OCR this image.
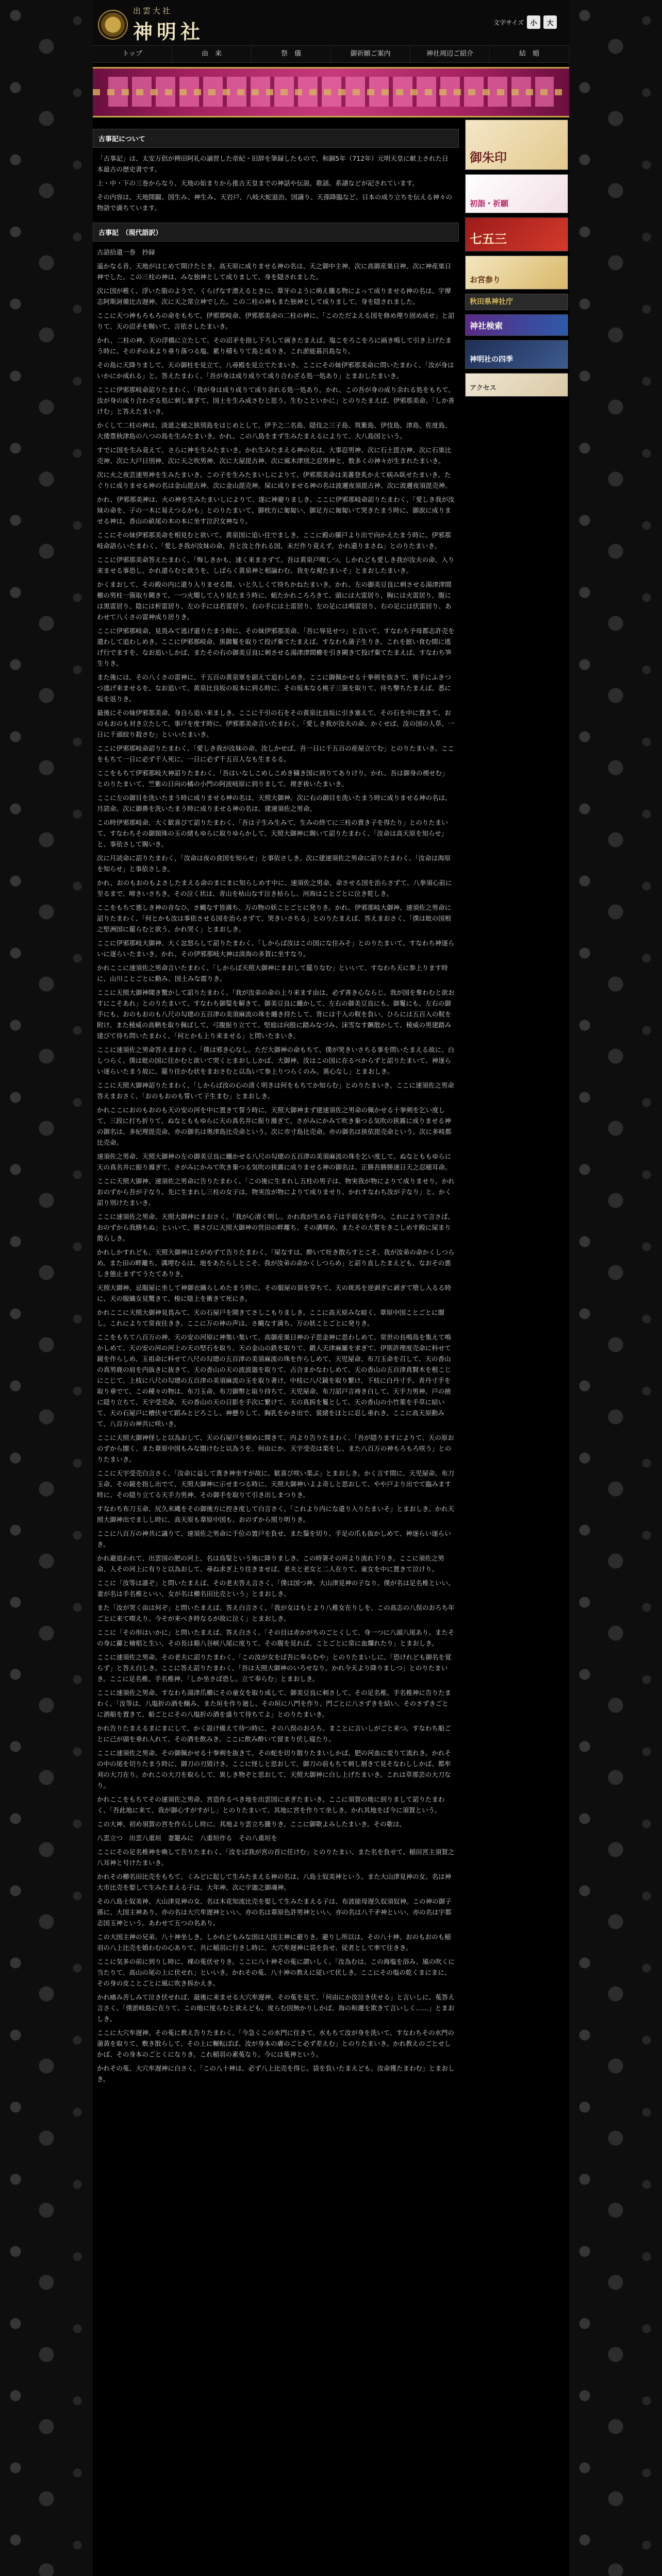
出雲大社
神明社	文字サイズ 小	大
トップ	由　来	祭　儀	御祈願ご案内	神社周辺ご紹介	結　婚
古事記について

「古事記」は、太安万侶が稗田阿礼の誦習した帝紀・旧辞を筆録したもので、和銅5年（712年）元明天皇に献上された日本最古の歴史書です。

上・中・下の三巻からなり、天地の始まりから推古天皇までの神話や伝説、歌謡、系譜などが記されています。

その内容は、天地開闢、国生み、神生み、天岩戸、八岐大蛇退治、国譲り、天孫降臨など、日本の成り立ちを伝える神々の物語で満ちています。

古事記　（現代語訳）

古語拾遺一巻　抄録

遥かなる昔、天地がはじめて開けたとき、高天原に成りませる神の名は、天之御中主神、次に高御産巣日神、次に神産巣日神でした。この三柱の神は、みな独神として成りまして、身を隠されました。

次に国が稚く、浮いた脂のようで、くらげなす漂えるときに、葦牙のように萌え騰る物によって成りませる神の名は、宇摩志阿斯訶備比古遅神、次に天之常立神でした。この二柱の神もまた独神として成りまして、身を隠されました。

ここに天つ神もろもろの命をもちて、伊邪那岐命、伊邪那美命の二柱の神に、「このただよえる国を修め理り固め成せ」と詔りて、天の沼矛を賜いて、言依さしたまいき。

かれ、二柱の神、天の浮橋に立たして、その沼矛を指し下ろして画きたまえば、塩こをろこをろに画き鳴して引き上げたまう時に、その矛の末より垂り落つる塩、累り積もりて島と成りき。これ淤能碁呂島なり。

その島に天降りまして、天の御柱を見立て、八尋殿を見立てたまいき。ここにその妹伊邪那美命に問いたまわく、「汝が身はいかにか成れる」と。答えたまわく、「吾が身は成り成りて成り合わざる処一処あり」とまおしたまいき。

ここに伊邪那岐命詔りたまわく、「我が身は成り成りて成り余れる処一処あり。かれ、この吾が身の成り余れる処をもちて、汝が身の成り合わざる処に刺し塞ぎて、国土を生み成さむと思う。生むこといかに」とのりたまえば、伊邪那美命、「しか善けむ」と答えたまいき。

かくして二柱の神は、淡道之穂之狭別島をはじめとして、伊予之二名島、隠伎之三子島、筑紫島、伊伎島、津島、佐度島、大倭豊秋津島の八つの島を生みたまいき。かれ、この八島をまず生みたまえるによりて、大八島国という。

すでに国を生み竟えて、さらに神を生みたまいき。かれ生みたまえる神の名は、大事忍男神、次に石土毘古神、次に石巣比売神、次に大戸日別神、次に天之吹男神、次に大屋毘古神、次に風木津別之忍男神と、数多くの神々が生まれたまいき。

次に火之夜芸速男神を生みたまいき。この子を生みたまいしによりて、伊邪那美命は美蕃登炙かえて病み臥せたまいき。たぐりに成りませる神の名は金山毘古神、次に金山毘売神。屎に成りませる神の名は波邇夜須毘古神、次に波邇夜須毘売神。

かれ、伊邪那美神は、火の神を生みたまいしによりて、遂に神避りましき。ここに伊邪那岐命詔りたまわく、「愛しき我が汝妹の命を、子の一木に易えつるかも」とのりたまいて、御枕方に匍匐い、御足方に匍匐いて哭きたまう時に、御涙に成りませる神は、香山の畝尾の木の本に坐す泣沢女神なり。

ここにその妹伊邪那美命を相見むと欲いて、黄泉国に追い往でましき。ここに殿の縢戸より出で向かえたまう時に、伊邪那岐命語らいたまわく、「愛しき我が汝妹の命、吾と汝と作れる国、未だ作り竟えず。かれ還りまさね」とのりたまいき。

ここに伊邪那美命答えたまわく、「悔しきかも、速く来まさずて。吾は黄泉戸喫しつ。しかれども愛しき我が汝夫の命、入り来ませる事恐し。かれ還らむと欲うを、しばらく黄泉神と相論わむ。我をな視たまいそ」とまおしたまいき。

かくまおして、その殿の内に還り入りませる間、いと久しくて待ちかねたまいき。かれ、左の御美豆良に刺させる湯津津間櫛の男柱一箇取り闕きて、一つ火燭して入り見たまう時に、蛆たかれころろきて、頭には大雷居り、胸には火雷居り、腹には黒雷居り、陰には析雷居り、左の手には若雷居り、右の手には土雷居り、左の足には鳴雷居り、右の足には伏雷居り、あわせて八くさの雷神成り居りき。

ここに伊邪那岐命、見畏みて逃げ還りたまう時に、その妹伊邪那美命、「吾に辱見せつ」と言いて、すなわち予母都志許売を遣わして追わしめき。ここに伊邪那岐命、黒御鬘を取りて投げ棄てたまえば、すなわち蒲子生りき。これを摭い食む間に逃げ行でますを、なお追いしかば、またその右の御美豆良に刺させる湯津津間櫛を引き闕きて投げ棄てたまえば、すなわち笋生りき。

また後には、その八くさの雷神に、千五百の黄泉軍を副えて追わしめき。ここに御佩かせる十拳剣を抜きて、後手にふきつつ逃げ来ませるを、なお追いて、黄泉比良坂の坂本に到る時に、その坂本なる桃子三箇を取りて、待ち撃ちたまえば、悉に坂を返りき。

最後にその妹伊邪那美命、身自ら追い来ましき。ここに千引の石をその黄泉比良坂に引き塞えて、その石を中に置きて、おのもおのも対き立たして、事戸を度す時に、伊邪那美命言いたまわく、「愛しき我が汝夫の命、かくせば、汝の国の人草、一日に千頭絞り殺さむ」といいたまいき。

ここに伊邪那岐命詔りたまわく、「愛しき我が汝妹の命、汝しかせば、吾一日に千五百の産屋立てむ」とのりたまいき。ここをもちて一日に必ず千人死に、一日に必ず千五百人なも生まるる。

ここをもちて伊邪那岐大神詔りたまわく、「吾はいなしこめしこめき穢き国に到りてありけり。かれ、吾は御身の禊せむ」とのりたまいて、竺紫の日向の橘の小門の阿波岐原に到りまして、禊ぎ祓いたまいき。

ここに左の御目を洗いたまう時に成りませる神の名は、天照大御神。次に右の御目を洗いたまう時に成りませる神の名は、月読命。次に御鼻を洗いたまう時に成りませる神の名は、建速須佐之男命。

この時伊邪那岐命、大く歓喜びて詔りたまわく、「吾は子生み生みて、生みの終てに三柱の貴き子を得たり」とのりたまいて、すなわちその御頸珠の玉の緒もゆらに取りゆらかして、天照大御神に賜いて詔りたまわく、「汝命は高天原を知らせ」と、事依さして賜いき。

次に月読命に詔りたまわく、「汝命は夜の食国を知らせ」と事依さしき。次に建速須佐之男命に詔りたまわく、「汝命は海原を知らせ」と事依さしき。

かれ、おのもおのもよさしたまえる命のまにまに知らしめす中に、速須佐之男命、命させる国を治らさずて、八拳須心前に至るまで、啼きいさちき。その泣く状は、青山を枯山なす泣き枯らし、河海はことごとに泣き乾しき。

ここをもちて悪しき神の音なひ、さ蝿なす皆満ち、万の物の妖ことごとに発りき。かれ、伊邪那岐大御神、速須佐之男命に詔りたまわく、「何とかも汝は事依させる国を治らさずて、哭きいさちる」とのりたまえば、答えまおさく、「僕は妣の国根之堅洲国に罷らむと欲う。かれ哭く」とまおしき。

ここに伊邪那岐大御神、大く忿怒らして詔りたまわく、「しからば汝はこの国にな住みそ」とのりたまいて、すなわち神逐らいに逐らいたまいき。かれ、その伊邪那岐大神は淡海の多賀に坐すなり。

かれここに速須佐之男命言いたまわく、「しからば天照大御神にまおして罷りなむ」といいて、すなわち天に参上ります時に、山川ことごとに動み、国土みな震りき。

ここに天照大御神聞き驚かして詔りたまわく、「我が汝弟の命の上り来ます由は、必ず善き心ならじ。我が国を奪わむと欲おすにこそあれ」とのりたまいて、すなわち御髪を解きて、御美豆良に纏かして、左右の御美豆良にも、御鬘にも、左右の御手にも、おのもおのも八尺の勾璁の五百津の美須麻流の珠を纏き持たして、背には千入の靫を負い、ひらには五百入の靫を附け、また稜威の高鞆を取り佩ばして、弓腹振り立てて、堅庭は向股に踏みなづみ、沫雪なす蹶散かして、稜威の男建踏み建びて待ち問いたまわく、「何とかも上り来ませる」と問いたまいき。

ここに速須佐之男命答えまおさく、「僕は邪き心なし。ただ大御神の命もちて、僕が哭きいさちる事を問いたまえる故に、白しつらく、僕は妣の国に往かむと欲いて哭くとまおししかば、大御神、汝はこの国に在るべからずと詔りたまいて、神逐らい逐らいたまう故に、罷り往かむ状をまおさむと以為いて参上りつらくのみ。異心なし」とまおしき。

ここに天照大御神詔りたまわく、「しからば汝の心の清く明きは何をもちてか知らむ」とのりたまいき。ここに速須佐之男命答えまおさく、「おのもおのも誓いて子生まむ」とまおしき。

かれここにおのもおのも天の安の河を中に置きて誓う時に、天照大御神まず建速須佐之男命の佩かせる十拳剣を乞い度して、三段に打ち折りて、ぬなとももゆらに天の真名井に振り滌ぎて、さがみにかみて吹き棄つる気吹の狭霧に成りませる神の御名は、多紀理毘売命。亦の御名は奥津島比売命という。次に市寸島比売命。亦の御名は狭依毘売命という。次に多岐都比売命。

速須佐之男命、天照大御神の左の御美豆良に纏かせる八尺の勾璁の五百津の美須麻流の珠を乞い度して、ぬなとももゆらに天の真名井に振り滌ぎて、さがみにかみて吹き棄つる気吹の狭霧に成りませる神の御名は、正勝吾勝勝速日天之忍穂耳命。

ここに天照大御神、速須佐之男命に告りたまわく、「この後に生まれし五柱の男子は、物実我が物によりて成りませり。かれおのずから吾が子なり。先に生まれし三柱の女子は、物実汝が物によりて成りませり。かれすなわち汝が子なり」と、かく詔り別けたまいき。

ここに速須佐之男命、天照大御神にまおさく、「我が心清く明し。かれ我が生める子は手弱女を得つ。これによりて言さば、おのずから我勝ちぬ」といいて、勝さびに天照大御神の営田の畔離ち、その溝埋め、またその大嘗をきこしめす殿に屎まり散らしき。

かれしかすれども、天照大御神はとがめずて告りたまわく、「屎なすは、酔いて吐き散らすとこそ、我が汝弟の命かくしつらめ。また田の畔離ち、溝埋むるは、地をあたらしとこそ、我が汝弟の命かくしつらめ」と詔り直したまえども、なおその悪しき態止まずてうたてありき。

天照大御神、忌服屋に坐して神御衣織らしめたまう時に、その服屋の頂を穿ちて、天の斑馬を逆剥ぎに剥ぎて堕し入るる時に、天の服織女見驚きて、梭に陰上を衝きて死にき。

かれここに天照大御神見畏みて、天の石屋戸を開きてさしこもりましき。ここに高天原みな暗く、葦原中国ことごとに闇し。これによりて常夜往きき。ここに万の神の声は、さ蝿なす満ち、万の妖ことごとに発りき。

ここをもちて八百万の神、天の安の河原に神集い集いて、高御産巣日神の子思金神に思わしめて、常世の長鳴鳥を集えて鳴かしめて、天の安の河の河上の天の堅石を取り、天の金山の鉄を取りて、鍛人天津麻羅を求ぎて、伊斯許理度売命に科せて鏡を作らしめ、玉祖命に科せて八尺の勾璁の五百津の美須麻流の珠を作らしめて、天児屋命、布刀玉命を召して、天の香山の真男鹿の肩を内抜きに抜きて、天の香山の天の波波迦を取りて、占合まかなわしめて、天の香山の五百津真賢木を根こじにこじて、上枝に八尺の勾璁の五百津の美須麻流の玉を取り著け、中枝に八尺鏡を取り繋け、下枝に白丹寸手、青丹寸手を取り垂でて、この種々の物は、布刀玉命、布刀御幣と取り持ちて、天児屋命、布刀詔戸言祷き白して、天手力男神、戸の掖に隠り立ちて、天宇受売命、天の香山の天の日影を手次に繋けて、天の真拆を鬘として、天の香山の小竹葉を手草に結いて、天の石屋戸に槽伏せて蹈みとどろこし、神懸りして、胸乳をかき出で、裳緒をほとに忍し垂れき。ここに高天原動みて、八百万の神共に咲いき。

ここに天照大御神怪しと以為おして、天の石屋戸を細めに開きて、内より告りたまわく、「吾が隠りますによりて、天の原おのずから闇く、また葦原中国もみな闇けむと以為うを、何由にか、天宇受売は楽をし、また八百万の神もろもろ咲う」とのりたまいき。

ここに天宇受売白言さく、「汝命に益して貴き神坐すが故に、歓喜び咲い楽ぶ」とまおしき。かく言す間に、天児屋命、布刀玉命、その鏡を指し出でて、天照大御神に示せまつる時に、天照大御神いよよ奇しと思おして、やや戸より出でて臨みます時に、その隠り立てる天手力男神、その御手を取りて引き出しまつりき。

すなわち布刀玉命、尻久米縄をその御後方に控き度して白言さく、「これより内にな還り入りたまいそ」とまおしき。かれ天照大御神出でましし時に、高天原も葦原中国も、おのずから照り明りき。

ここに八百万の神共に議りて、速須佐之男命に千位の置戸を負せ、また鬚を切り、手足の爪も抜かしめて、神逐らい逐らいき。

かれ避追われて、出雲国の肥の河上、名は鳥髪という地に降りましき。この時箸その河より流れ下りき。ここに須佐之男命、人その河上に有りと以為おして、尋ね求ぎ上り往きませば、老夫と老女と二人在りて、童女を中に置きて泣けり。

ここに「汝等は誰ぞ」と問いたまえば、その老夫答え言さく、「僕は国つ神、大山津見神の子なり。僕が名は足名椎といい、妻が名は手名椎といい、女が名は櫛名田比売という」とまおしき。

また「汝が哭く由は何ぞ」と問いたまえば、答え白言さく、「我が女はもとより八稚女在りしを、この高志の八俣のおろち年ごとに来て喫えり。今そが来べき時なるが故に泣く」とまおしき。

ここに「その形はいかに」と問いたまえば、答え白さく、「その目は赤かがちのごとくして、身一つに八頭八尾あり。またその身に蘿と檜椙と生い、その長は谿八谷峡八尾に度りて、その腹を見れば、ことごとに常に血爛れたり」とまおしき。

ここに速須佐之男命、その老夫に詔りたまわく、「この汝が女をば吾に奉らむや」とのりたまいしに、「恐けれども御名を覚らず」と答え白しき。ここに答え詔りたまわく、「吾は天照大御神のいろせなり。かれ今天より降りましつ」とのりたまいき。ここに足名椎、手名椎神、「しか坐さば恐し。立て奉らむ」とまおしき。

ここに速須佐之男命、すなわち湯津爪櫛にその童女を取り成して、御美豆良に刺さして、その足名椎、手名椎神に告りたまわく、「汝等は、八塩折の酒を醸み、また垣を作り廻し、その垣に八門を作り、門ごとに八さずきを結い、そのさずきごとに酒船を置きて、船ごとにその八塩折の酒を盛りて待ちてよ」とのりたまいき。

かれ告りたまえるまにまにして、かく設け備えて待つ時に、その八俣のおろち、まことに言いしがごと来つ。すなわち船ごとに己が頭を垂れ入れて、その酒を飲みき。ここに飲み酔いて留まり伏し寝たり。

ここに速須佐之男命、その御佩かせる十拳剣を抜きて、その蛇を切り散りたまいしかば、肥の河血に変りて流れき。かれその中の尾を切りたまう時に、御刀の刃毀けき。ここに怪しと思おして、御刀の前もちて刺し割きて見そなわししかば、都牟刈の大刀在り。かれこの大刀を取らして、異しき物ぞと思おして、天照大御神に白し上げたまいき。これは草那芸の大刀なり。

かれここをもちてその速須佐之男命、宮造作るべき地を出雲国に求ぎたまいき。ここに須賀の地に到りまして詔りたまわく、「吾此地に来て、我が御心すがすがし」とのりたまいて、其地に宮を作りて坐しき。かれ其地をば今に須賀という。

この大神、初め須賀の宮を作らしし時に、其地より雲立ち騰りき。ここに御歌よみしたまいき。その歌は、

八雲立つ　出雲八重垣　妻籠みに　八重垣作る　その八重垣を

ここにその足名椎神を喚して告りたまわく、「汝をば我が宮の首に任けむ」とのりたまい、また名を負せて、稲田宮主須賀之八耳神と号けたまいき。

かれその櫛名田比売をもちて、くみどに起して生みたまえる神の名は、八島士奴美神という。また大山津見神の女、名は神大市比売を娶して生みたまえる子は、大年神、次に宇迦之御魂神。

その八島士奴美神、大山津見神の女、名は木花知流比売を娶して生みたまえる子は、布波能母遅久奴須奴神。この神の御子孫に、大国主神あり。亦の名は大穴牟遅神といい、亦の名は葦原色許男神といい、亦の名は八千矛神といい、亦の名は宇都志国玉神という。あわせて五つの名あり。

この大国主神の兄弟、八十神坐しき。しかれどもみな国は大国主神に避りき。避りし所以は、その八十神、おのもおのも稲羽の八上比売を婚わむの心ありて、共に稲羽に行きし時に、大穴牟遅神に袋を負せ、従者として率て往きき。

ここに気多の前に到りし時に、裸の菟伏せりき。ここに八十神その菟に謂いしく、「汝為むは、この海塩を浴み、風の吹くに当たりて、高山の尾の上に伏せれ」といいき。かれその菟、八十神の教えに従いて伏しき。ここにその塩の乾くまにまに、その身の皮ことごとに風に吹き拆かえき。

かれ痛み苦しみて泣き伏せれば、最後に来ませる大穴牟遅神、その菟を見て、「何由にか汝泣き伏せる」と言いしに、菟答え言さく、「僕淤岐島に在りて、この地に度らむと欲えども、度らむ因無かりしかば、海の和邇を欺きて言いしく……」とまおしき。

ここに大穴牟遅神、その菟に教え告りたまわく、「今急くこの水門に往きて、水もちて汝が身を洗いて、すなわちその水門の蒲黄を取りて、敷き散らして、その上に輾転ばば、汝が身本の膚のごと必ず差えむ」とのりたまいき。かれ教えのごとせしかば、その身本のごとくになりき。これ稲羽の素菟なり。今には菟神という。

かれその菟、大穴牟遅神に白さく、「この八十神は、必ず八上比売を得じ。袋を負いたまえども、汝命獲たまわむ」とまおしき。

御朱印
初詣・祈願
七五三
お宮参り
秋田県神社庁
神社検索
神明社の四季
アクセス
